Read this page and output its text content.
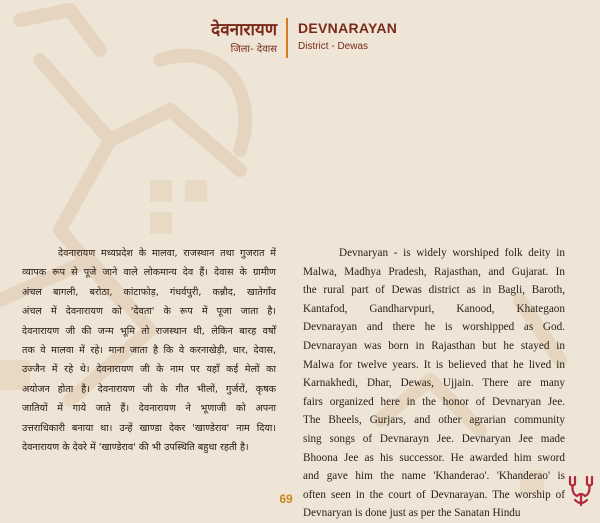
देवनारायण
जिला- देवास
DEVNARAYAN
District - Dewas
देवनारायण मध्यप्रदेश के मालवा, राजस्थान तथा गुजरात में
व्यापक रूप से पूजे जाने वाले लोकमान्य देव हैं। देवास के ग्रामीण
अंचल बागली, बरोठा, कांटाफोड़, गंधर्वपुरी, कन्नौद, खातेगाँव
अंचल में देवनारायण को 'देवता' के रूप में पूजा जाता है।
देवनारायण जी की जन्म भूमि तो राजस्थान थी, लेकिन बारह वर्षों
तक वे मालवा में रहे। माना जाता है कि वे करनाखेड़ी, धार, देवास,
उज्जैन में रहे थे। देवनारायण जी के नाम पर यहाँ कई मेलों का
अयोजन होता है। देवनारायण जी के गीत भीलों, गुर्जरों, कृषक
जातियों में गाये जाते हैं। देवनारायण ने भूणाजी को अपना
उत्तराधिकारी बनाया था। उन्हें खाण्डा देकर 'खाण्डेराव' नाम दिया।
देवनारायण के देवरे में 'खाण्डेराव' की भी उपस्थिति बहुधा रहती है।
Devnaryan - is widely worshiped folk deity in
Malwa, Madhya Pradesh, Rajasthan, and Gujarat. In
the rural part of Dewas district as in Bagli, Baroth,
Kantafod, Gandharvpuri, Kanood, Khategaon
Devnarayan and there he is worshipped as God.
Devnarayan was born in Rajasthan but he stayed in
Malwa for twelve years. It is believed that he lived in
Karnakhedi, Dhar, Dewas, Ujjain. There are many
fairs organized here in the honor of Devnaryan Jee.
The Bheels, Gurjars, and other agrarian community
sing songs of Devnarayn Jee. Devnaryan Jee made
Bhoona Jee as his successor. He awarded him sword
and gave him the name 'Khanderao'. 'Khanderao' is
often seen in the court of Devnarayan. The worship of
Devnaryan is done just as per the Sanatan Hindu
69
